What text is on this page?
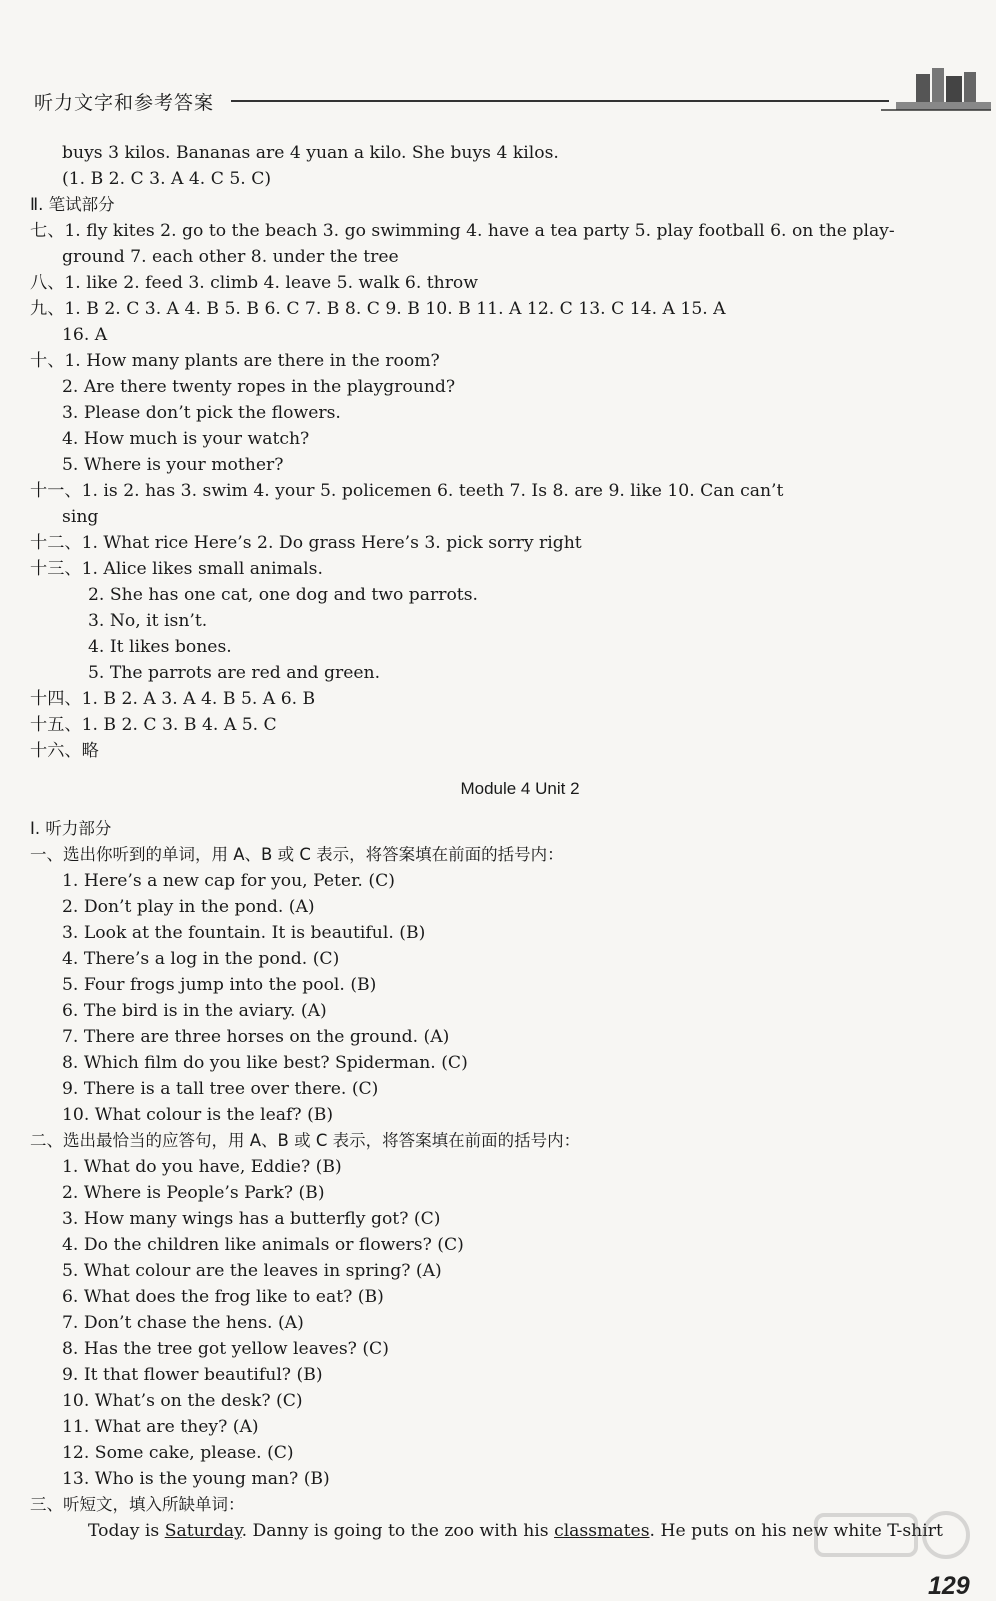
听力文字和参考答案
buys 3 kilos. Bananas are 4 yuan a kilo. She buys 4 kilos.
(1. B 2. C 3. A 4. C 5. C)
Ⅱ. 笔试部分
七、1. fly kites 2. go to the beach 3. go swimming 4. have a tea party 5. play football 6. on the play-
ground 7. each other 8. under the tree
八、1. like 2. feed 3. climb 4. leave 5. walk 6. throw
九、1. B 2. C 3. A 4. B 5. B 6. C 7. B 8. C 9. B 10. B 11. A 12. C 13. C 14. A 15. A
16. A
十、1. How many plants are there in the room?
2. Are there twenty ropes in the playground?
3. Please don’t pick the flowers.
4. How much is your watch?
5. Where is your mother?
十一、1. is 2. has 3. swim 4. your 5. policemen 6. teeth 7. Is 8. are 9. like 10. Can can’t
sing
十二、1. What rice Here’s 2. Do grass Here’s 3. pick sorry right
十三、1. Alice likes small animals.
2. She has one cat, one dog and two parrots.
3. No, it isn’t.
4. It likes bones.
5. The parrots are red and green.
十四、1. B 2. A 3. A 4. B 5. A 6. B
十五、1. B 2. C 3. B 4. A 5. C
十六、略
Module 4 Unit 2
Ⅰ. 听力部分
一、选出你听到的单词，用 A、B 或 C 表示，将答案填在前面的括号内：
1. Here’s a new cap for you, Peter. (C)
2. Don’t play in the pond. (A)
3. Look at the fountain. It is beautiful. (B)
4. There’s a log in the pond. (C)
5. Four frogs jump into the pool. (B)
6. The bird is in the aviary. (A)
7. There are three horses on the ground. (A)
8. Which film do you like best? Spiderman. (C)
9. There is a tall tree over there. (C)
10. What colour is the leaf? (B)
二、选出最恰当的应答句，用 A、B 或 C 表示，将答案填在前面的括号内：
1. What do you have, Eddie? (B)
2. Where is People’s Park? (B)
3. How many wings has a butterfly got? (C)
4. Do the children like animals or flowers? (C)
5. What colour are the leaves in spring? (A)
6. What does the frog like to eat? (B)
7. Don’t chase the hens. (A)
8. Has the tree got yellow leaves? (C)
9. It that flower beautiful? (B)
10. What’s on the desk? (C)
11. What are they? (A)
12. Some cake, please. (C)
13. Who is the young man? (B)
三、听短文，填入所缺单词：
Today is Saturday. Danny is going to the zoo with his classmates. He puts on his new white T-shirt
129
